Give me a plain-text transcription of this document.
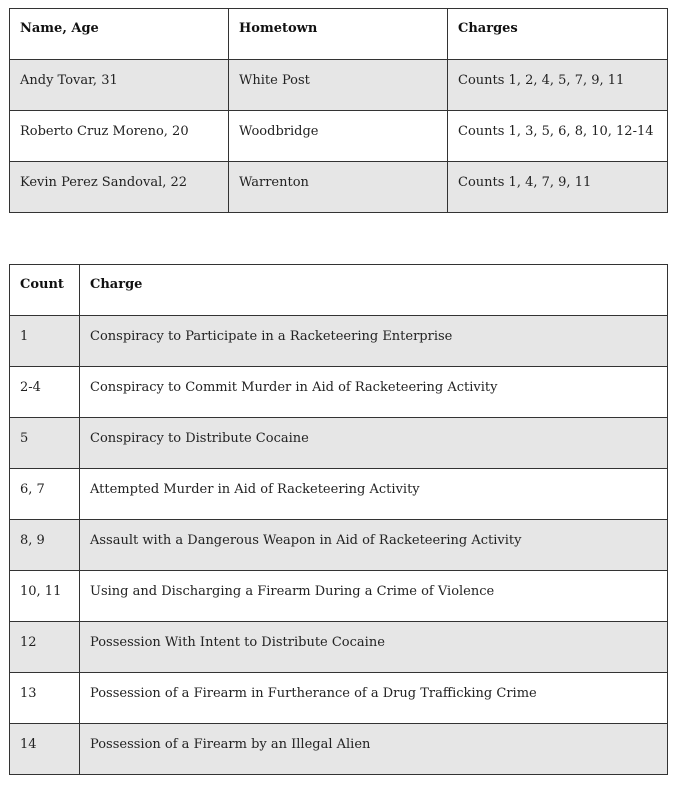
Name, Age	Hometown	Charges
Andy Tovar, 31	White Post	Counts 1, 2, 4, 5, 7, 9, 11
Roberto Cruz Moreno, 20	Woodbridge	Counts 1, 3, 5, 6, 8, 10, 12-14
Kevin Perez Sandoval, 22	Warrenton	Counts 1, 4, 7, 9, 11
Count	Charge
1	Conspiracy to Participate in a Racketeering Enterprise
2-4	Conspiracy to Commit Murder in Aid of Racketeering Activity
5	Conspiracy to Distribute Cocaine
6, 7	Attempted Murder in Aid of Racketeering Activity
8, 9	Assault with a Dangerous Weapon in Aid of Racketeering Activity
10, 11	Using and Discharging a Firearm During a Crime of Violence
12	Possession With Intent to Distribute Cocaine
13	Possession of a Firearm in Furtherance of a Drug Trafficking Crime
14	Possession of a Firearm by an Illegal Alien
